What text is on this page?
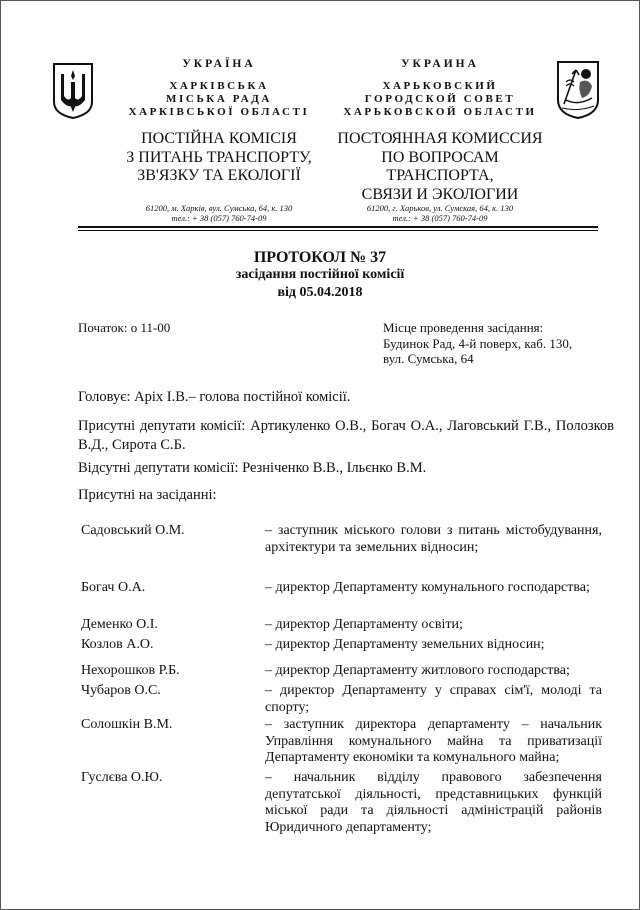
УКРАЇНА
ХАРКІВСЬКА
МІСЬКА РАДА
ХАРКІВСЬКОЇ ОБЛАСТІ
ПОСТІЙНА КОМІСІЯ
З ПИТАНЬ ТРАНСПОРТУ,
ЗВ'ЯЗКУ ТА ЕКОЛОГІЇ
61200, м. Харків, вул. Сумська, 64, к. 130
тел.: + 38 (057) 760-74-09
УКРАИНА
ХАРЬКОВСКИЙ
ГОРОДСКОЙ СОВЕТ
ХАРЬКОВСКОЙ ОБЛАСТИ
ПОСТОЯННАЯ КОМИССИЯ
ПО ВОПРОСАМ ТРАНСПОРТА,
СВЯЗИ И ЭКОЛОГИИ
61200, г. Харьков, ул. Сумская, 64, к. 130
тел.: + 38 (057) 760-74-09
ПРОТОКОЛ № 37
засідання постійної комісії
від 05.04.2018
Початок: о 11-00	Місце проведення засідання:
Будинок Рад, 4-й поверх, каб. 130,
вул. Сумська, 64
Головує: Аріх І.В.– голова постійної комісії.
Присутні депутати комісії: Артикуленко О.В., Богач О.А., Лаговський Г.В., Полозков В.Д., Сирота С.Б.
Відсутні депутати комісії: Резніченко В.В., Ільєнко В.М.
Присутні на засіданні:
Садовський О.М.	– заступник міського голови з питань містобудування, архітектури та земельних відносин;
Богач О.А.	– директор Департаменту комунального господарства;
Деменко О.І.	– директор Департаменту освіти;
Козлов А.О.	– директор Департаменту земельних відносин;
Нехорошков Р.Б.	– директор Департаменту житлового господарства;
Чубаров О.С.	– директор Департаменту у справах сім'ї, молоді та спорту;
Солошкін В.М.	– заступник директора департаменту – начальник Управління комунального майна та приватизації Департаменту економіки та комунального майна;
Гуслєва О.Ю.	– начальник відділу правового забезпечення депутатської діяльності, представницьких функцій міської ради та діяльності адміністрацій районів Юридичного департаменту;
